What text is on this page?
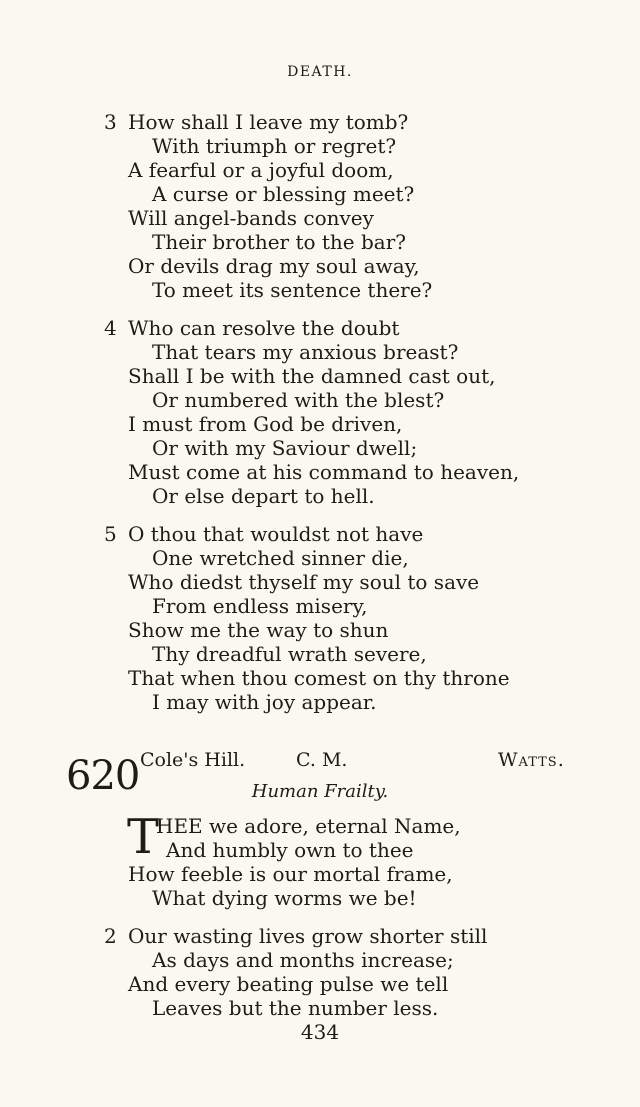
DEATH.
3 How shall I leave my tomb?
With triumph or regret?
A fearful or a joyful doom,
A curse or blessing meet?
Will angel-bands convey
Their brother to the bar?
Or devils drag my soul away,
To meet its sentence there?
4 Who can resolve the doubt
That tears my anxious breast?
Shall I be with the damned cast out,
Or numbered with the blest?
I must from God be driven,
Or with my Saviour dwell;
Must come at his command to heaven,
Or else depart to hell.
5 O thou that wouldst not have
One wretched sinner die,
Who diedst thyself my soul to save
From endless misery,
Show me the way to shun
Thy dreadful wrath severe,
That when thou comest on thy throne
I may with joy appear.
620 Cole's Hill.	C. M.	Watts.
Human Frailty.
T
HEE we adore, eternal Name,
And humbly own to thee
How feeble is our mortal frame,
What dying worms we be!
2 Our wasting lives grow shorter still
As days and months increase;
And every beating pulse we tell
Leaves but the number less.
434
